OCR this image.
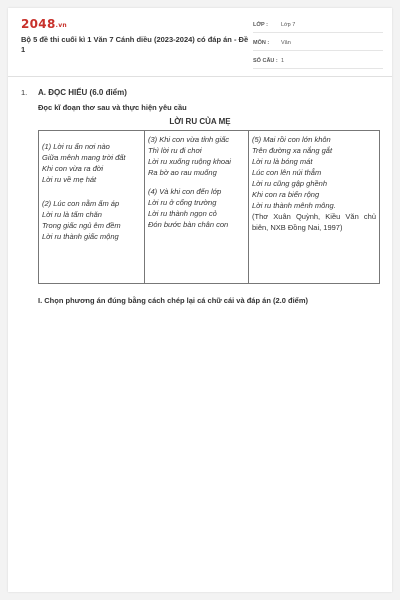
2048.vn
Bộ 5 đề thi cuối kì 1 Văn 7 Cánh diều (2023-2024) có đáp án - Đề 1
LỚP :	Lớp 7
MÔN :	Văn
SỐ CÂU : 1
1. A. ĐỌC HIỂU (6.0 điểm)
Đọc kĩ đoạn thơ sau và thực hiện yêu cầu
LỜI RU CỦA MẸ
(1) Lời ru ẩn nơi nào
Giữa mênh mang trời đất
Khi con vừa ra đời
Lời ru về mẹ hát
(2) Lúc con nằm ấm áp
Lời ru là tấm chăn
Trong giấc ngủ êm đềm
Lời ru thành giấc mộng
(3) Khi con vừa tỉnh giấc
Thì lời ru đi chơi
Lời ru xuống ruộng khoai
Ra bờ ao rau muống
(4) Và khi con đến lớp
Lời ru ở cổng trường
Lời ru thành ngọn cỏ
Đón bước bàn chân con
(5) Mai rồi con lớn khôn
Trên đường xa nắng gắt
Lời ru là bóng mát
Lúc con lên núi thẳm
Lời ru cũng gập ghềnh
Khi con ra biển rộng
Lời ru thành mênh mông.
(Thơ Xuân Quỳnh, Kiều Văn chủ biên, NXB Đồng Nai, 1997)
I. Chọn phương án đúng bằng cách chép lại cá chữ cái và đáp án (2.0 điểm)
